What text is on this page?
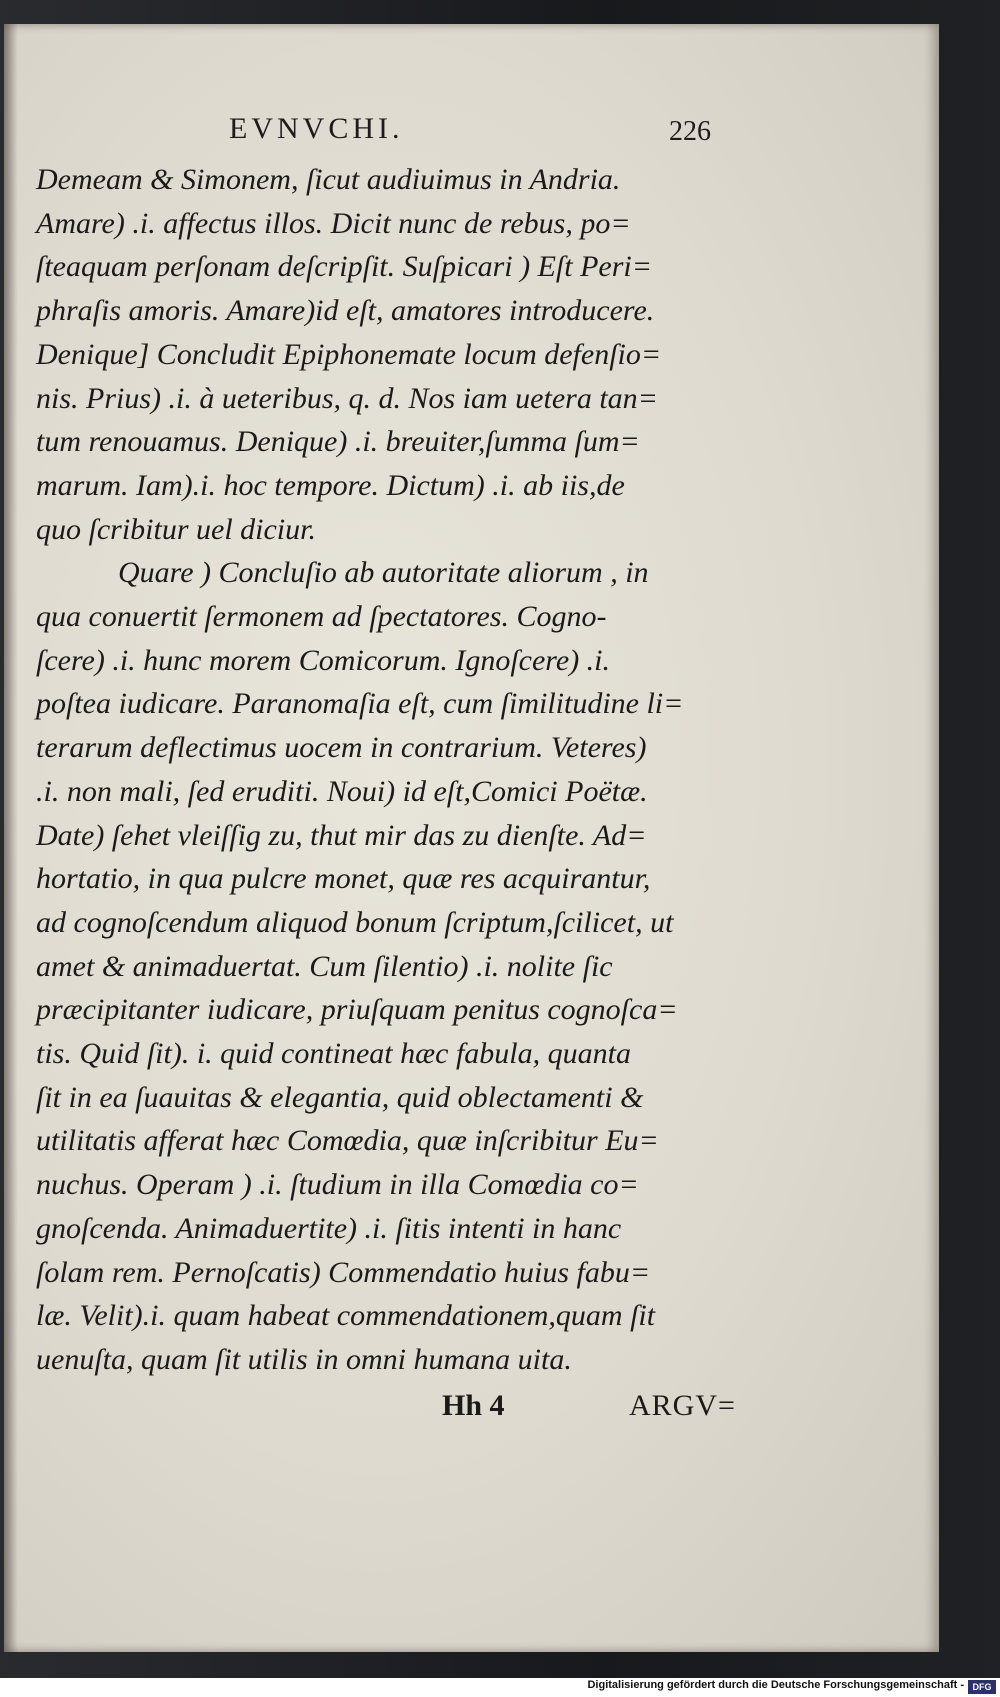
EVNVCHI.	226
Demeam & Simonem, ſicut audiuimus in Andria.
Amare) .i. affectus illos. Dicit nunc de rebus, po=
ſteaquam perſonam deſcripſit. Suſpicari ) Eſt Peri=
phraſis amoris. Amare)id eſt, amatores introducere.
Denique] Concludit Epiphonemate locum defenſio=
nis. Prius) .i. à ueteribus, q. d. Nos iam uetera tan=
tum renouamus. Denique) .i. breuiter,ſumma ſum=
marum. Iam).i. hoc tempore. Dictum) .i. ab iis,de
quo ſcribitur uel diciur.
Quare ) Concluſio ab autoritate aliorum , in
qua conuertit ſermonem ad ſpectatores. Cogno-
ſcere) .i. hunc morem Comicorum. Ignoſcere) .i.
poſtea iudicare. Paranomaſia eſt, cum ſimilitudine li=
terarum deflectimus uocem in contrarium. Veteres)
.i. non mali, ſed eruditi. Noui) id eſt,Comici Poëtæ.
Date) ſehet vleiſſig zu, thut mir das zu dienſte. Ad=
hortatio, in qua pulcre monet, quæ res acquirantur,
ad cognoſcendum aliquod bonum ſcriptum,ſcilicet, ut
amet & animaduertat. Cum ſilentio) .i. nolite ſic
præcipitanter iudicare, priuſquam penitus cognoſca=
tis. Quid ſit). i. quid contineat hæc fabula, quanta
ſit in ea ſuauitas & elegantia, quid oblectamenti &
utilitatis afferat hæc Comœdia, quæ inſcribitur Eu=
nuchus. Operam ) .i. ſtudium in illa Comœdia co=
gnoſcenda. Animaduertite) .i. ſitis intenti in hanc
ſolam rem. Pernoſcatis) Commendatio huius fabu=
læ. Velit).i. quam habeat commendationem,quam ſit
uenuſta, quam ſit utilis in omni humana uita.
Hh 4	ARGV=
Digitalisierung gefördert durch die Deutsche Forschungsgemeinschaft - DFG
